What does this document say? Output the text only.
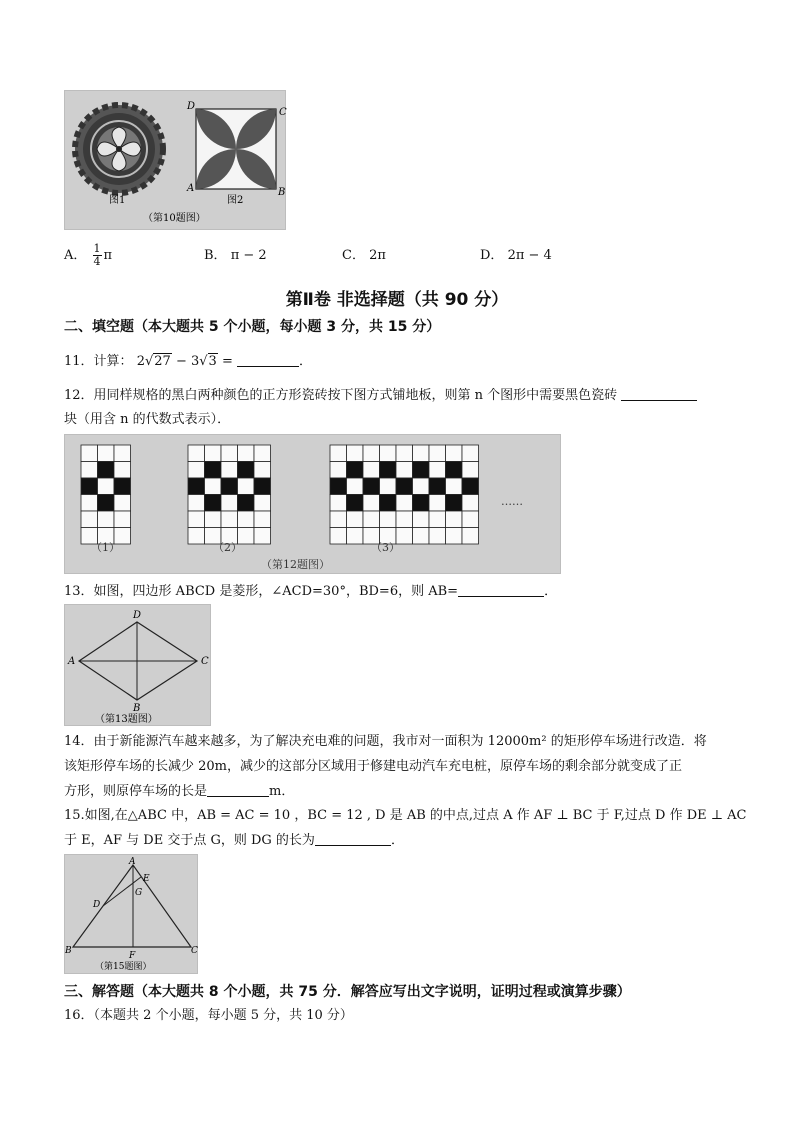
D
C
A	B
图1	图2
（第10题图）
A． $\frac{1}{4}$ π	B． π − 2	C． 2π	D． 2π − 4
第Ⅱ卷 非选择题（共 90 分）
二、填空题（本大题共 5 个小题，每小题 3 分，共 15 分）
11．计算： 2√27 − 3√3 =	．
12．用同样规格的黑白两种颜色的正方形瓷砖按下图方式铺地板，则第 n 个图形中需要黑色瓷砖
块（用含 n 的代数式表示）．
（1）	（2）	（3）
……
（第12题图）
13．如图，四边形 ABCD 是菱形，∠ACD=30°，BD=6，则 AB=	．
D
A	C
B
（第13题图）
14．由于新能源汽车越来越多，为了解决充电难的问题，我市对一面积为 12000m² 的矩形停车场进行改造．将
该矩形停车场的长减少 20m，减少的这部分区域用于修建电动汽车充电桩，原停车场的剩余部分就变成了正
方形，则原停车场的长是	m．
15.如图,在△ABC 中，AB = AC = 10 ，BC = 12 , D 是 AB 的中点,过点 A 作 AF ⊥ BC 于 F,过点 D 作 DE ⊥ AC
于 E，AF 与 DE 交于点 G，则 DG 的长为	．
A
E
G
D
B	F	C
（第15题图）
三、解答题（本大题共 8 个小题，共 75 分．解答应写出文字说明，证明过程或演算步骤）
16．（本题共 2 个小题，每小题 5 分，共 10 分）
